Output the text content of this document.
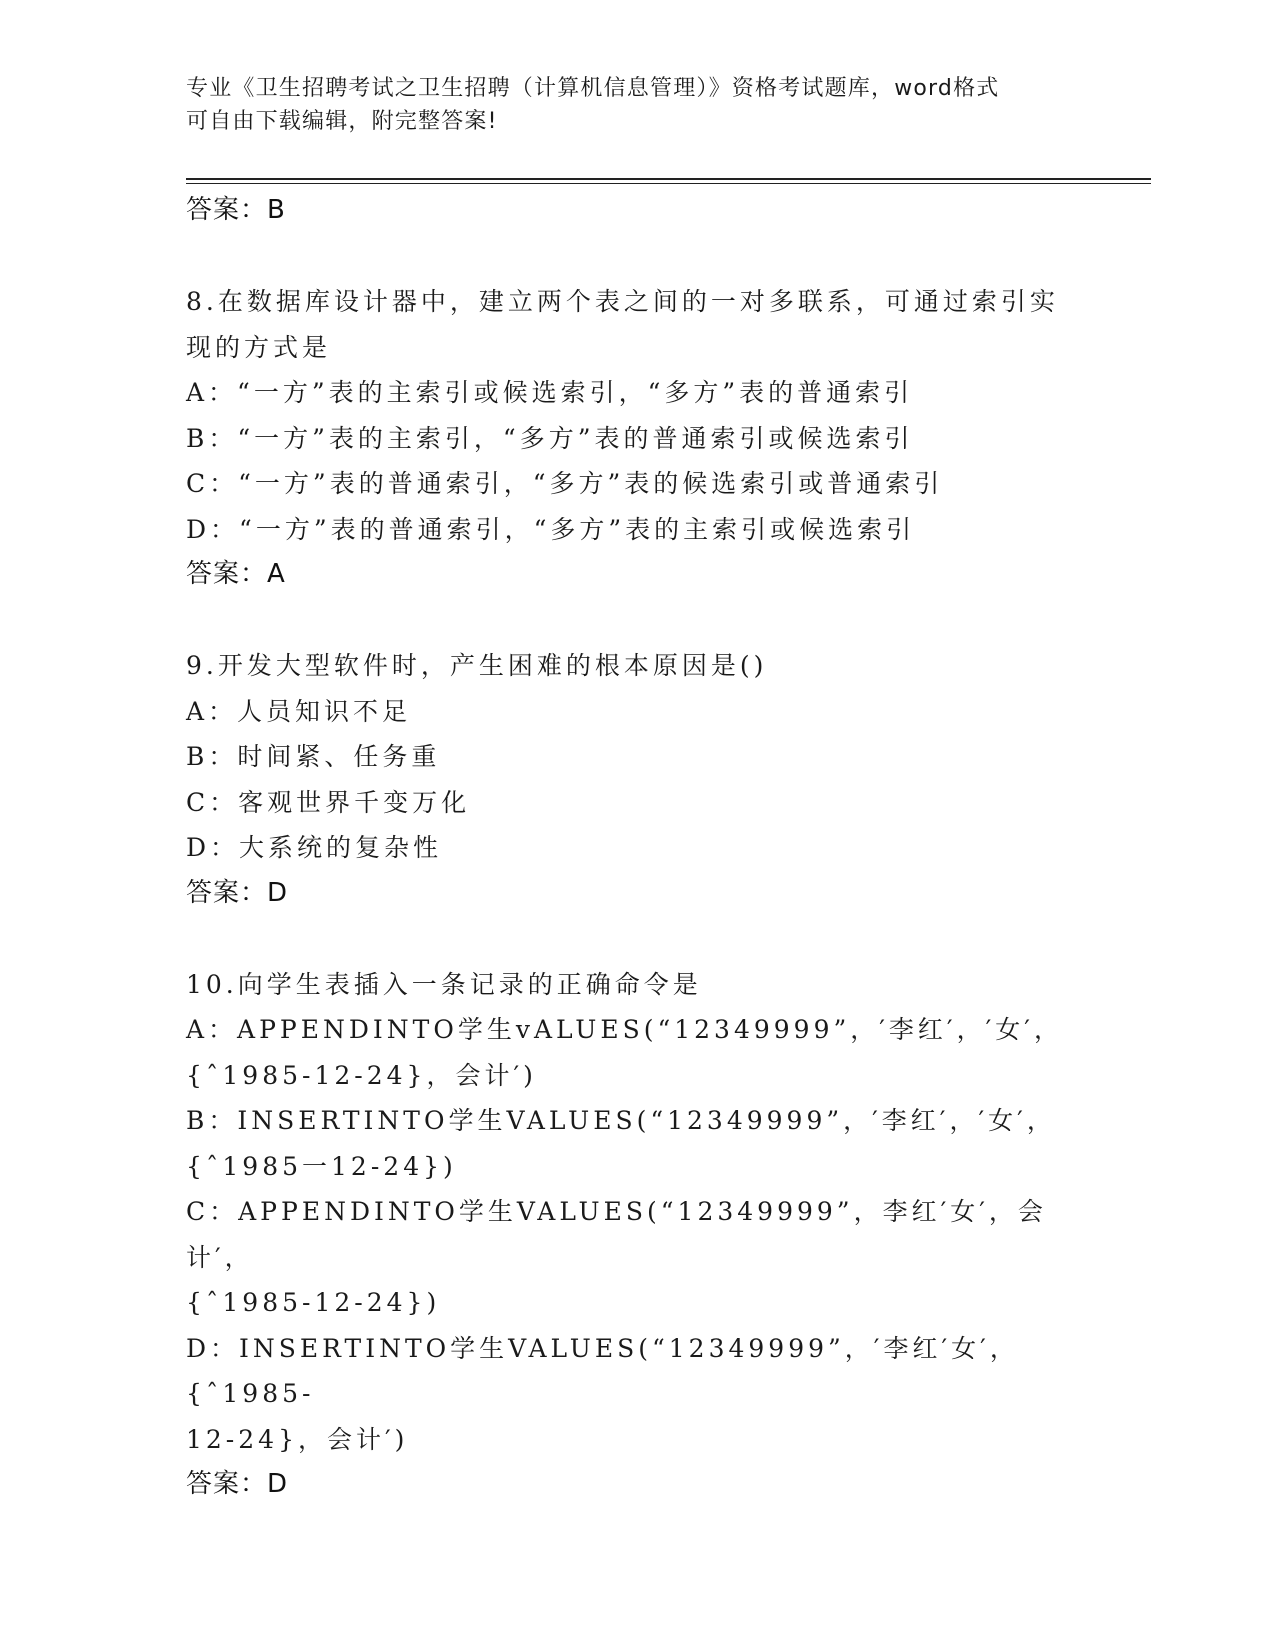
专业《卫生招聘考试之卫生招聘（计算机信息管理）》资格考试题库，word格式
可自由下载编辑，附完整答案!
答案：B
8.在数据库设计器中，建立两个表之间的一对多联系，可通过索引实
现的方式是
A：“一方”表的主索引或候选索引，“多方”表的普通索引
B：“一方”表的主索引，“多方”表的普通索引或候选索引
C：“一方”表的普通索引，“多方”表的候选索引或普通索引
D：“一方”表的普通索引，“多方”表的主索引或候选索引
答案：A
9.开发大型软件时，产生困难的根本原因是()
A：人员知识不足
B：时间紧、任务重
C：客观世界千变万化
D：大系统的复杂性
答案：D
10.向学生表插入一条记录的正确命令是
A：APPENDINTO学生vALUES(“12349999”，′李红′，′女′，
{ˆ1985-12-24}，会计′)
B：INSERTINTO学生VALUES(“12349999”，′李红′，′女′，
{ˆ1985一12-24})
C：APPENDINTO学生VALUES(“12349999”，李红′女′，会计′，
{ˆ1985-12-24})
D：INSERTINTO学生VALUES(“12349999”，′李红′女′，{ˆ1985-
12-24}，会计′)
答案：D
